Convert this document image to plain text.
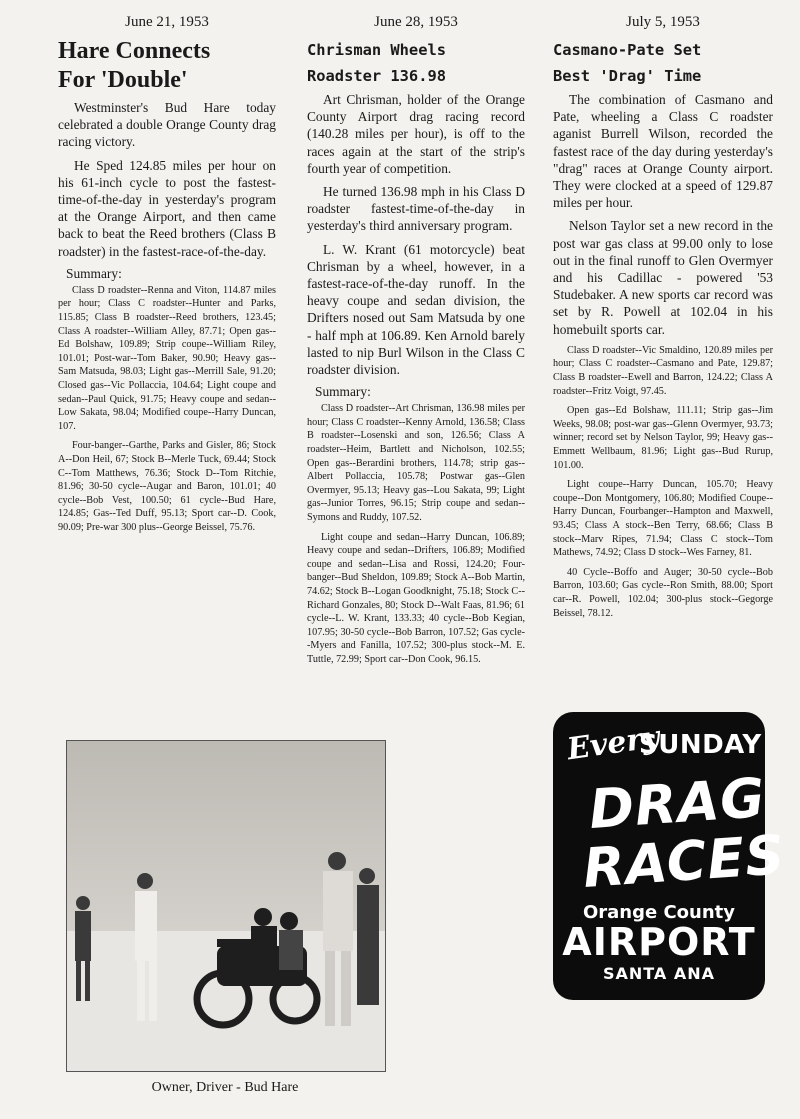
June 21, 1953
Hare Connects
For 'Double'

Westminster's Bud Hare today celebrated a double Orange County drag racing victory.

He Sped 124.85 miles per hour on his 61-inch cycle to post the fastest-time-of-the-day in yesterday's program at the Orange Airport, and then came back to beat the Reed brothers (Class B roadster) in the fastest-race-of-the-day.

Summary:

Class D roadster--Renna and Viton, 114.87 miles per hour; Class C roadster--Hunter and Parks, 115.85; Class B roadster--Reed brothers, 123.45; Class A roadster--William Alley, 87.71; Open gas--Ed Bolshaw, 109.89; Strip coupe--William Riley, 101.01; Post-war--Tom Baker, 90.90; Heavy gas--Sam Matsuda, 98.03; Light gas--Merrill Sale, 91.20; Closed gas--Vic Pollaccia, 104.64; Light coupe and sedan--Paul Quick, 91.75; Heavy coupe and sedan--Low Sakata, 98.04; Modified coupe--Harry Duncan, 107.

Four-banger--Garthe, Parks and Gisler, 86; Stock A--Don Heil, 67; Stock B--Merle Tuck, 69.44; Stock C--Tom Matthews, 76.36; Stock D--Tom Ritchie, 81.96; 30-50 cycle--Augar and Baron, 101.01; 40 cycle--Bob Vest, 100.50; 61 cycle--Bud Hare, 124.85; Gas--Ted Duff, 95.13; Sport car--D. Cook, 90.09; Pre-war 300 plus--George Beissel, 75.76.

June 28, 1953
Chrisman Wheels
Roadster 136.98

Art Chrisman, holder of the Orange County Airport drag racing record (140.28 miles per hour), is off to the races again at the start of the strip's fourth year of competition.

He turned 136.98 mph in his Class D roadster fastest-time-of-the-day in yesterday's third anniversary program.

L. W. Krant (61 motorcycle) beat Chrisman by a wheel, however, in a fastest-race-of-the-day runoff. In the heavy coupe and sedan division, the Drifters nosed out Sam Matsuda by one - half mph at 106.89. Ken Arnold barely lasted to nip Burl Wilson in the Class C roadster division.

Summary:

Class D roadster--Art Chrisman, 136.98 miles per hour; Class C roadster--Kenny Arnold, 136.58; Class B roadster--Losenski and son, 126.56; Class A roadster--Heim, Bartlett and Nicholson, 102.55; Open gas--Berardini brothers, 114.78; strip gas--Albert Pollaccia, 105.78; Postwar gas--Glen Overmyer, 95.13; Heavy gas--Lou Sakata, 99; Light gas--Junior Torres, 96.15; Strip coupe and sedan--Symons and Ruddy, 107.52.

Light coupe and sedan--Harry Duncan, 106.89; Heavy coupe and sedan--Drifters, 106.89; Modified coupe and sedan--Lisa and Rossi, 124.20; Four-banger--Bud Sheldon, 109.89; Stock A--Bob Martin, 74.62; Stock B--Logan Goodknight, 75.18; Stock C--Richard Gonzales, 80; Stock D--Walt Faas, 81.96; 61 cycle--L. W. Krant, 133.33; 40 cycle--Bob Kegian, 107.95; 30-50 cycle--Bob Barron, 107.52; Gas cycle--Myers and Fanilla, 107.52; 300-plus stock--M. E. Tuttle, 72.99; Sport car--Don Cook, 96.15.

July 5, 1953
Casmano-Pate Set
Best 'Drag' Time

The combination of Casmano and Pate, wheeling a Class C roadster aganist Burrell Wilson, recorded the fastest race of the day during yesterday's "drag" races at Orange County airport. They were clocked at a speed of 129.87 miles per hour.

Nelson Taylor set a new record in the post war gas class at 99.00 only to lose out in the final runoff to Glen Overmyer and his Cadillac - powered '53 Studebaker. A new sports car record was set by R. Powell at 102.04 in his homebuilt sports car.

Class D roadster--Vic Smaldino, 120.89 miles per hour; Class C roadster--Casmano and Pate, 129.87; Class B roadster--Ewell and Barron, 124.22; Class A roadster--Fritz Voigt, 97.45.

Open gas--Ed Bolshaw, 111.11; Strip gas--Jim Weeks, 98.08; post-war gas--Glenn Overmyer, 93.73; winner; record set by Nelson Taylor, 99; Heavy gas--Emmett Wellbaum, 81.96; Light gas--Bud Rurup, 101.00.

Light coupe--Harry Duncan, 105.70; Heavy coupe--Don Montgomery, 106.80; Modified Coupe--Harry Duncan, Fourbanger--Hampton and Maxwell, 93.45; Class A stock--Ben Terry, 68.66; Class B stock--Marv Ripes, 71.94; Class C stock--Tom Mathews, 74.92; Class D stock--Wes Farney, 81.

40 Cycle--Boffo and Auger; 30-50 cycle--Bob Barron, 103.60; Gas cycle--Ron Smith, 88.00; Sport car--R. Powell, 102.04; 300-plus stock--Gegorge Beissel, 78.12.

Owner, Driver - Bud Hare
Every
SUNDAY
DRAG
RACES
Orange County
AIRPORT
SANTA ANA
